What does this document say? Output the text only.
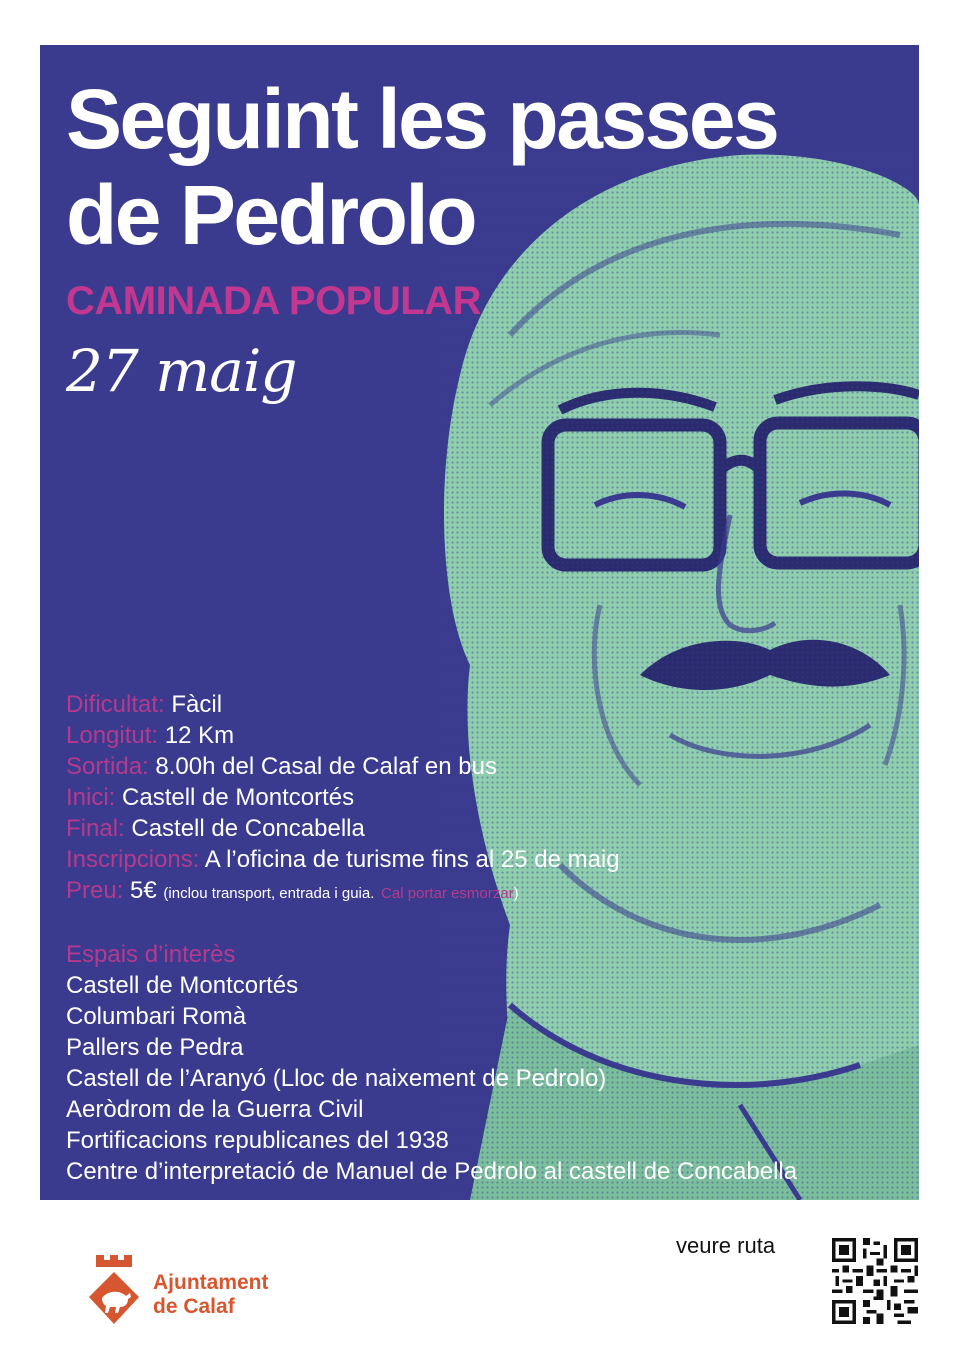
Seguint les passes
de Pedrolo
CAMINADA POPULAR
27 maig
Dificultat: Fàcil
Longitut: 12 Km
Sortida: 8.00h del Casal de Calaf en bus
Inici: Castell de Montcortés
Final: Castell de Concabella
Inscripcions: A l’oficina de turisme fins al 25 de maig
Preu: 5€ (inclou transport, entrada i guia. Cal portar esmorzar)
Espais d’interès
Castell de Montcortés
Columbari Romà
Pallers de Pedra
Castell de l’Aranyó (Lloc de naixement de Pedrolo)
Aeròdrom de la Guerra Civil
Fortificacions republicanes del 1938
Centre d’interpretació de Manuel de Pedrolo al castell de Concabella
Ajuntament
de Calaf
veure ruta
